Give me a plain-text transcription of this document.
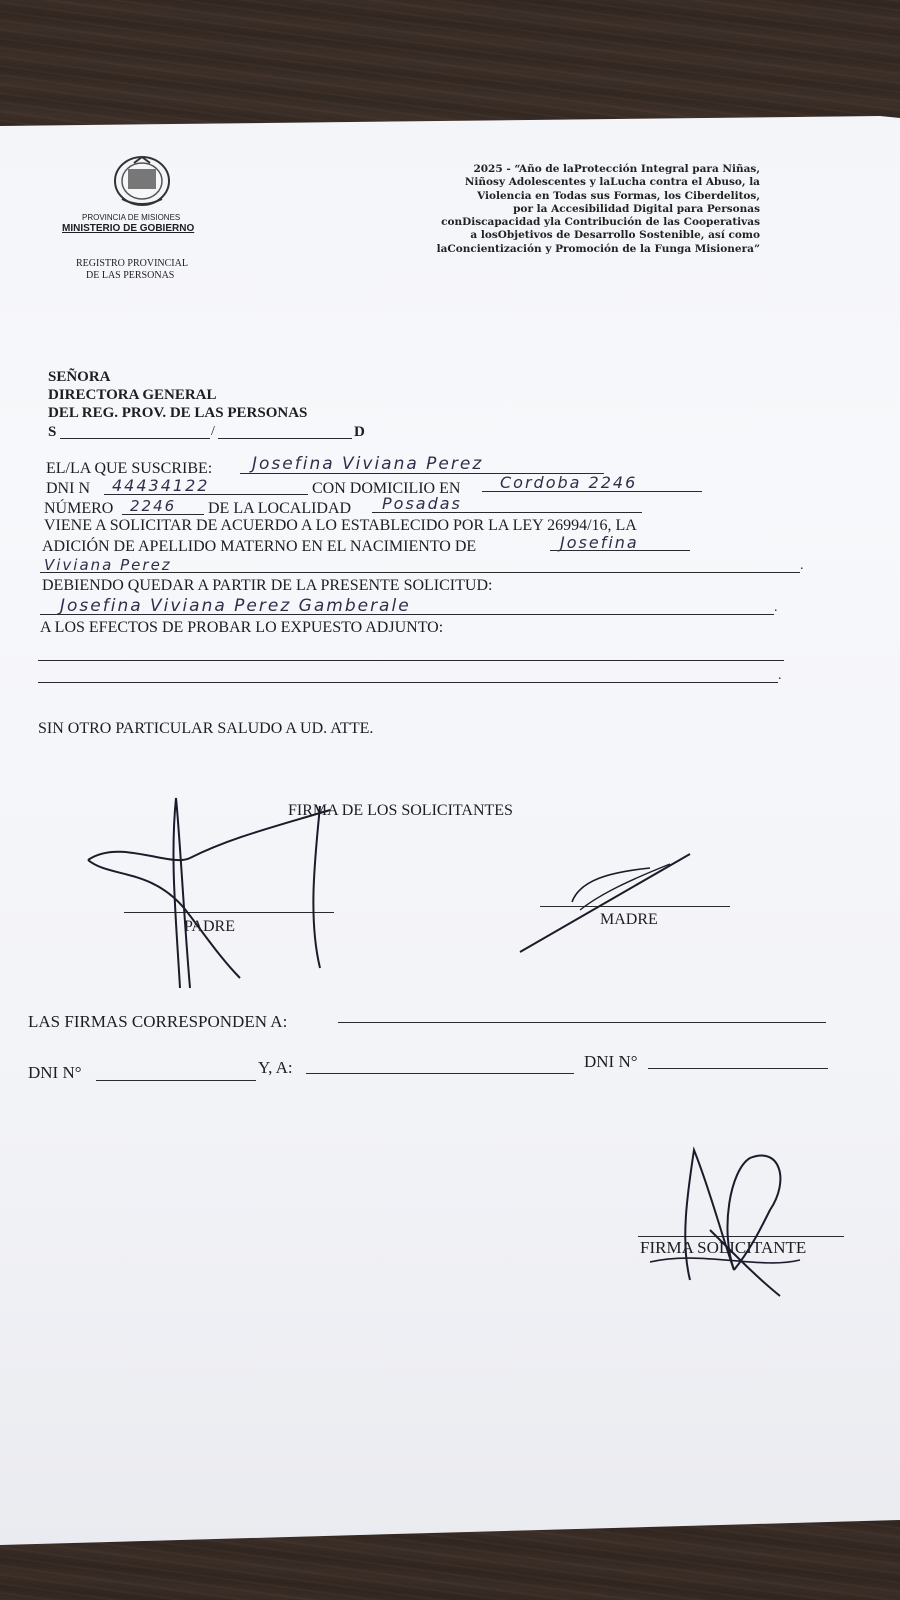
PROVINCIA DE MISIONES
MINISTERIO DE GOBIERNO
REGISTRO PROVINCIAL
DE LAS PERSONAS
2025 - “Año de laProtección Integral para Niñas,
Niñosy Adolescentes y laLucha contra el Abuso, la
Violencia en Todas sus Formas, los Ciberdelitos,
por la Accesibilidad Digital para Personas
conDiscapacidad yla Contribución de las Cooperativas
a losObjetivos de Desarrollo Sostenible, así como
laConcientización y Promoción de la Funga Misionera”
SEÑORA
DIRECTORA GENERAL
DEL REG. PROV. DE LAS PERSONAS
S	/	D
EL/LA QUE SUSCRIBE: Josefina Viviana Perez
DNI N 44434122	CON DOMICILIO EN Cordoba 2246
NÚMERO 2246 DE LA LOCALIDAD Posadas
VIENE A SOLICITAR DE ACUERDO A LO ESTABLECIDO POR LA LEY 26994/16, LA
ADICIÓN DE APELLIDO MATERNO EN EL NACIMIENTO DE	Josefina
.
Viviana Perez
DEBIENDO QUEDAR A PARTIR DE LA PRESENTE SOLICITUD:
.
Josefina Viviana Perez Gamberale
A LOS EFECTOS DE PROBAR LO EXPUESTO ADJUNTO:
.
SIN OTRO PARTICULAR SALUDO A UD. ATTE.
FIRMA DE LOS SOLICITANTES
PADRE	MADRE
LAS FIRMAS CORRESPONDEN A:
DNI N°	Y, A:	DNI N°
FIRMA SOLICITANTE
